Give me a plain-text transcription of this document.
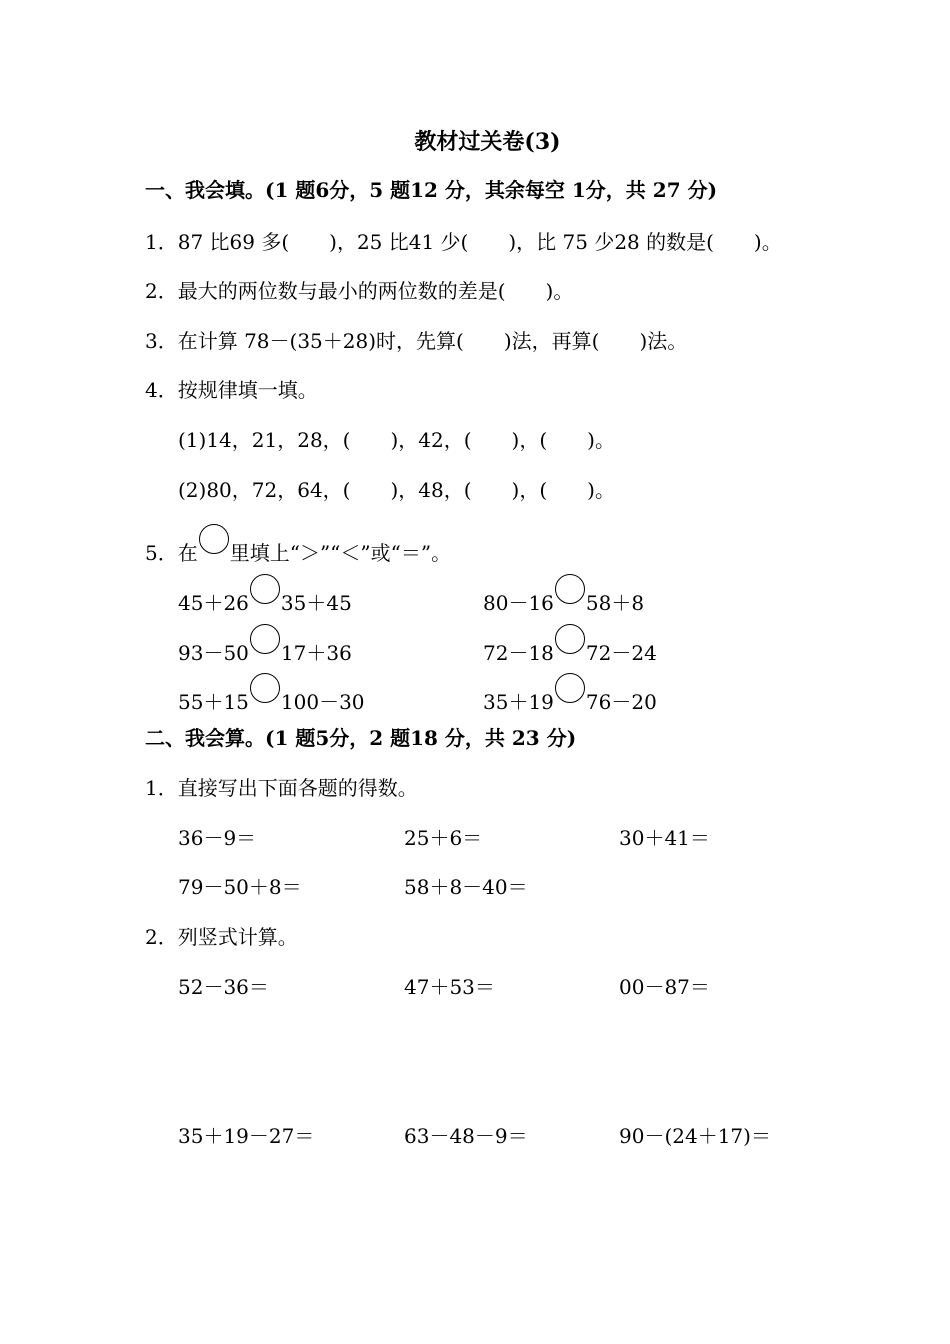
教材过关卷(3)
一、我会填。(1 题6分，5 题12 分，其余每空 1分，共 27 分)
1．87 比69 多(　　)，25 比41 少(　　)，比 75 少28 的数是(　　)。
2．最大的两位数与最小的两位数的差是(　　)。
3．在计算 78－(35＋28)时，先算(　　)法，再算(　　)法。
4．按规律填一填。
(1)14，21，28，(　　)，42，(　　)，(　　)。
(2)80，72，64，(　　)，48，(　　)，(　　)。
5．在 里填上“＞”“＜”或“＝”。
45＋26 35＋45	80－16 58＋8
93－50 17＋36	72－18 72－24
55＋15 100－30	35＋19 76－20
二、我会算。(1 题5分，2 题18 分，共 23 分)
1．直接写出下面各题的得数。
36－9＝	25＋6＝	30＋41＝
79－50＋8＝	58＋8－40＝
2．列竖式计算。
52－36＝	47＋53＝	00－87＝
35＋19－27＝	63－48－9＝	90－(24＋17)＝
